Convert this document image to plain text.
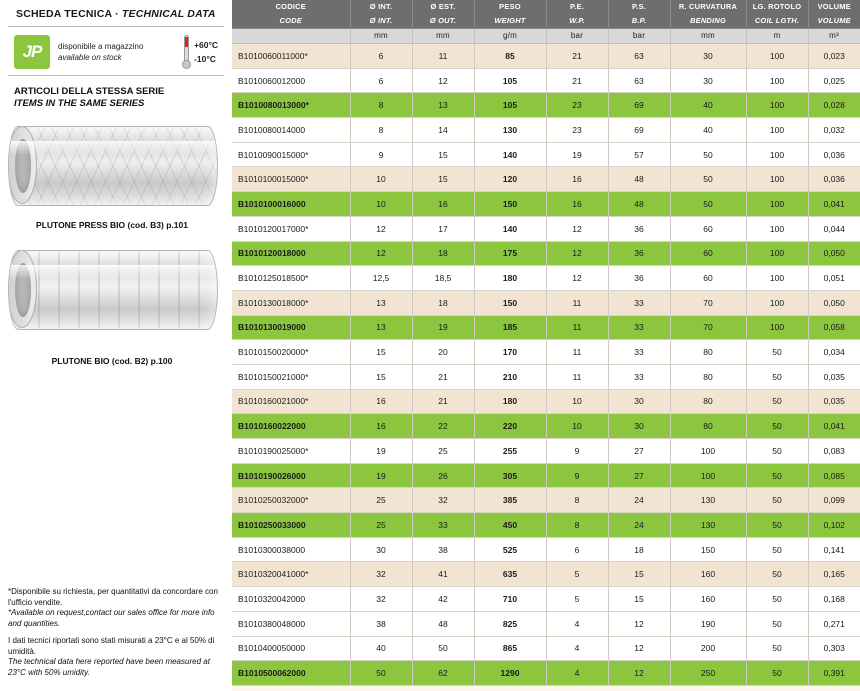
SCHEDA TECNICA · TECHNICAL DATA
JP	disponibile a magazzino
available on stock
+60°C
-10°C
ARTICOLI DELLA STESSA SERIE
ITEMS IN THE SAME SERIES
PLUTONE PRESS BIO (cod. B3) p.101
PLUTONE BIO (cod. B2) p.100

*Disponibile su richiesta, per quantitativi da concordare con l'ufficio vendite.
*Available on request,contact our sales office for more info and quantities.

I dati tecnici riportati sono stati misurati a 23°C e al 50% di umidità.
The technical data here reported have been measured at 23°C with 50% umidity.

CODICE	Ø INT.	Ø EST.	PESO	P.E.	P.S.	R. CURVATURA	LG. ROTOLO	VOLUME
CODE	Ø INT.	Ø OUT.	WEIGHT	W.P.	B.P.	BENDING	COIL LGTH.	VOLUME
	mm	mm	g/m	bar	bar	mm	m	m³
B1010060011000*	6	11	85	21	63	30	100	0,023
B1010060012000	6	12	105	21	63	30	100	0,025
B1010080013000*	8	13	105	23	69	40	100	0,028
B1010080014000	8	14	130	23	69	40	100	0,032
B1010090015000*	9	15	140	19	57	50	100	0,036
B1010100015000*	10	15	120	16	48	50	100	0,036
B1010100016000	10	16	150	16	48	50	100	0,041
B1010120017000*	12	17	140	12	36	60	100	0,044
B1010120018000	12	18	175	12	36	60	100	0,050
B1010125018500*	12,5	18,5	180	12	36	60	100	0,051
B1010130018000*	13	18	150	11	33	70	100	0,050
B1010130019000	13	19	185	11	33	70	100	0,058
B1010150020000*	15	20	170	11	33	80	50	0,034
B1010150021000*	15	21	210	11	33	80	50	0,035
B1010160021000*	16	21	180	10	30	80	50	0,035
B1010160022000	16	22	220	10	30	80	50	0,041
B1010190025000*	19	25	255	9	27	100	50	0,083
B1010190026000	19	26	305	9	27	100	50	0,085
B1010250032000*	25	32	385	8	24	130	50	0,099
B1010250033000	25	33	450	8	24	130	50	0,102
B1010300038000	30	38	525	6	18	150	50	0,141
B1010320041000*	32	41	635	5	15	160	50	0,165
B1010320042000	32	42	710	5	15	160	50	0,168
B1010380048000	38	48	825	4	12	190	50	0,271
B1010400050000	40	50	865	4	12	200	50	0,303
B1010500062000	50	62	1290	4	12	250	50	0,391
